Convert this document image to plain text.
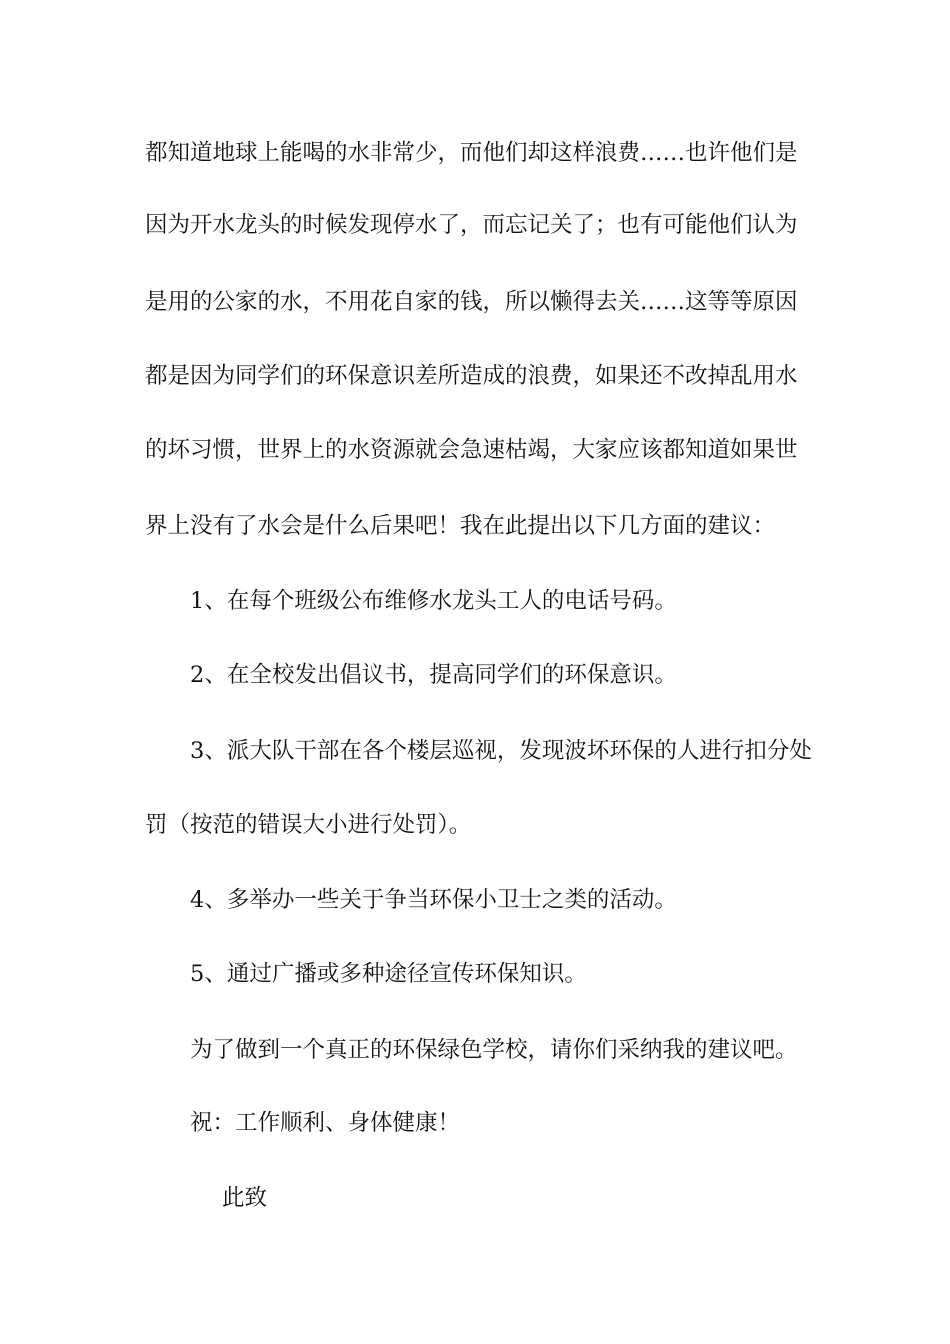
都知道地球上能喝的水非常少，而他们却这样浪费……也许他们是
因为开水龙头的时候发现停水了，而忘记关了；也有可能他们认为
是用的公家的水，不用花自家的钱，所以懒得去关……这等等原因
都是因为同学们的环保意识差所造成的浪费，如果还不改掉乱用水
的坏习惯，世界上的水资源就会急速枯竭，大家应该都知道如果世
界上没有了水会是什么后果吧！我在此提出以下几方面的建议：
1、在每个班级公布维修水龙头工人的电话号码。
2、在全校发出倡议书，提高同学们的环保意识。
3、派大队干部在各个楼层巡视，发现波坏环保的人进行扣分处
罚（按范的错误大小进行处罚）。
4、多举办一些关于争当环保小卫士之类的活动。
5、通过广播或多种途径宣传环保知识。
为了做到一个真正的环保绿色学校，请你们采纳我的建议吧。
祝：工作顺利、身体健康！
此致
